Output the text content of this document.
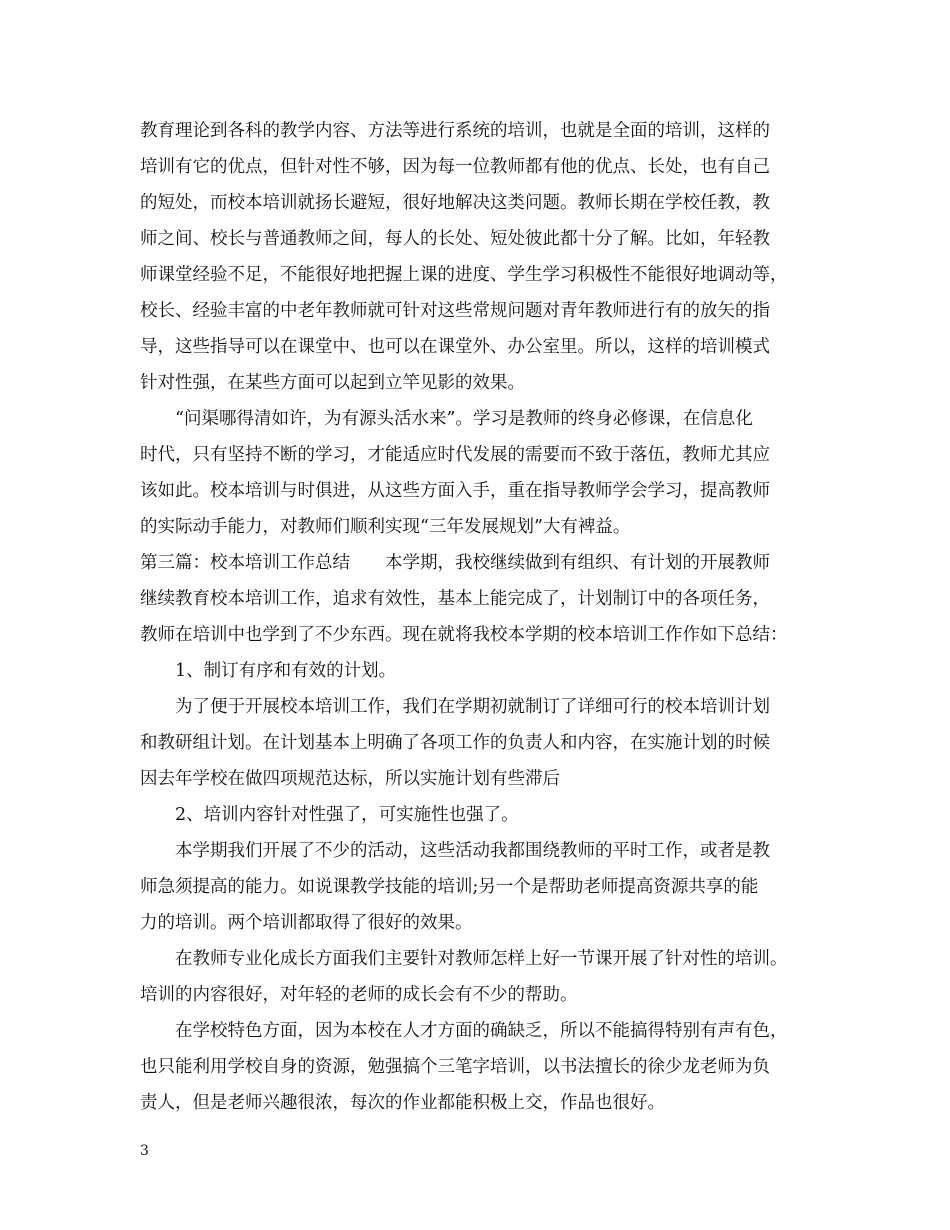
教育理论到各科的教学内容、方法等进行系统的培训，也就是全面的培训，这样的
培训有它的优点，但针对性不够，因为每一位教师都有他的优点、长处，也有自己
的短处，而校本培训就扬长避短，很好地解决这类问题。教师长期在学校任教，教
师之间、校长与普通教师之间，每人的长处、短处彼此都十分了解。比如，年轻教
师课堂经验不足，不能很好地把握上课的进度、学生学习积极性不能很好地调动等，
校长、经验丰富的中老年教师就可针对这些常规问题对青年教师进行有的放矢的指
导，这些指导可以在课堂中、也可以在课堂外、办公室里。所以，这样的培训模式
针对性强，在某些方面可以起到立竿见影的效果。
　　“问渠哪得清如许，为有源头活水来”。学习是教师的终身必修课，在信息化
时代，只有坚持不断的学习，才能适应时代发展的需要而不致于落伍，教师尤其应
该如此。校本培训与时俱进，从这些方面入手，重在指导教师学会学习，提高教师
的实际动手能力，对教师们顺利实现“三年发展规划”大有裨益。
第三篇：校本培训工作总结　　本学期，我校继续做到有组织、有计划的开展教师
继续教育校本培训工作，追求有效性，基本上能完成了，计划制订中的各项任务，
教师在培训中也学到了不少东西。现在就将我校本学期的校本培训工作作如下总结：
　　1、制订有序和有效的计划。
　　为了便于开展校本培训工作，我们在学期初就制订了详细可行的校本培训计划
和教研组计划。在计划基本上明确了各项工作的负责人和内容，在实施计划的时候
因去年学校在做四项规范达标，所以实施计划有些滞后
　　2、培训内容针对性强了，可实施性也强了。
　　本学期我们开展了不少的活动，这些活动我都围绕教师的平时工作，或者是教
师急须提高的能力。如说课教学技能的培训;另一个是帮助老师提高资源共享的能
力的培训。两个培训都取得了很好的效果。
　　在教师专业化成长方面我们主要针对教师怎样上好一节课开展了针对性的培训。
培训的内容很好，对年轻的老师的成长会有不少的帮助。
　　在学校特色方面，因为本校在人才方面的确缺乏，所以不能搞得特别有声有色，
也只能利用学校自身的资源，勉强搞个三笔字培训，以书法擅长的徐少龙老师为负
责人，但是老师兴趣很浓，每次的作业都能积极上交，作品也很好。
3
